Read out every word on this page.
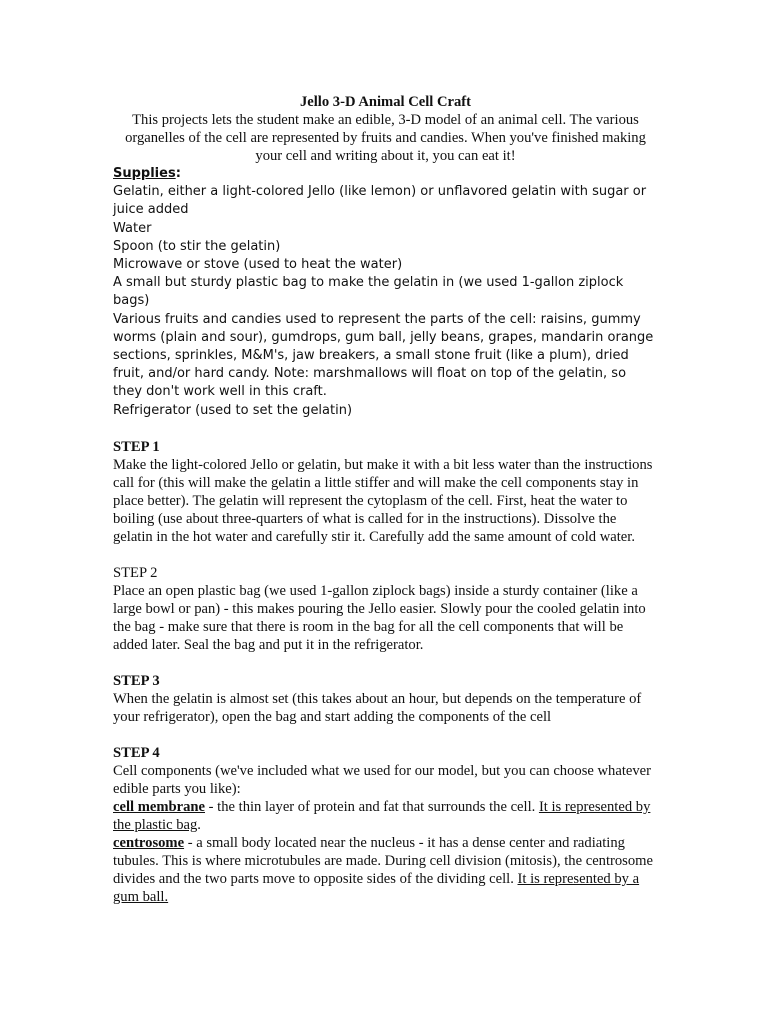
Jello 3-D Animal Cell Craft

This projects lets the student make an edible, 3-D model of an animal cell. The various organelles of the cell are represented by fruits and candies. When you've finished making your cell and writing about it, you can eat it!

Supplies:

Gelatin, either a light-colored Jello (like lemon) or unflavored gelatin with sugar or juice added

Water

Spoon (to stir the gelatin)

Microwave or stove (used to heat the water)

A small but sturdy plastic bag to make the gelatin in (we used 1-gallon ziplock bags)

Various fruits and candies used to represent the parts of the cell: raisins, gummy worms (plain and sour), gumdrops, gum ball, jelly beans, grapes, mandarin orange sections, sprinkles, M&M's, jaw breakers, a small stone fruit (like a plum), dried fruit, and/or hard candy. Note: marshmallows will float on top of the gelatin, so they don't work well in this craft.

Refrigerator (used to set the gelatin)

STEP 1

Make the light-colored Jello or gelatin, but make it with a bit less water than the instructions call for (this will make the gelatin a little stiffer and will make the cell components stay in place better). The gelatin will represent the cytoplasm of the cell. First, heat the water to boiling (use about three-quarters of what is called for in the instructions). Dissolve the gelatin in the hot water and carefully stir it. Carefully add the same amount of cold water.

STEP 2

Place an open plastic bag (we used 1-gallon ziplock bags) inside a sturdy container (like a large bowl or pan) - this makes pouring the Jello easier. Slowly pour the cooled gelatin into the bag - make sure that there is room in the bag for all the cell components that will be added later. Seal the bag and put it in the refrigerator.

STEP 3

When the gelatin is almost set (this takes about an hour, but depends on the temperature of your refrigerator), open the bag and start adding the components of the cell

STEP 4

Cell components (we've included what we used for our model, but you can choose whatever edible parts you like):

cell membrane - the thin layer of protein and fat that surrounds the cell. It is represented by the plastic bag.

centrosome - a small body located near the nucleus - it has a dense center and radiating tubules. This is where microtubules are made. During cell division (mitosis), the centrosome divides and the two parts move to opposite sides of the dividing cell. It is represented by a gum ball.
